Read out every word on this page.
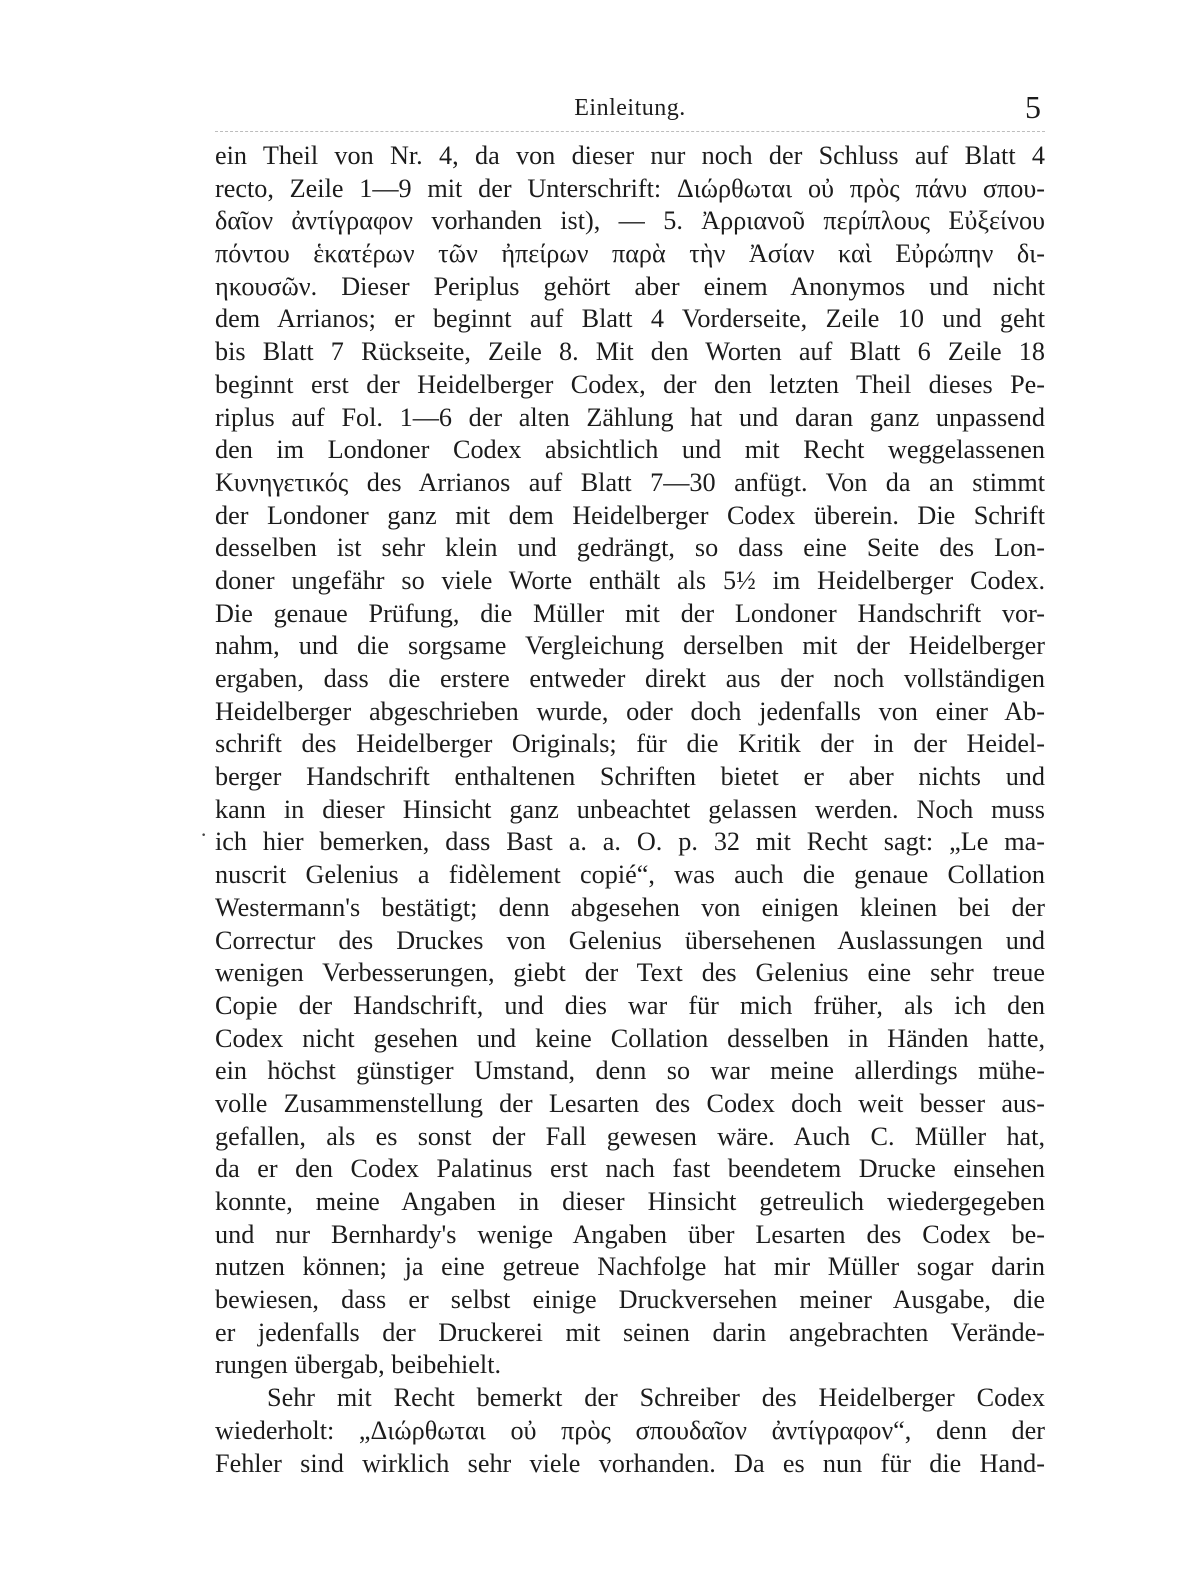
Einleitung.	5
·
ein Theil von Nr. 4, da von dieser nur noch der Schluss auf Blatt 4
recto, Zeile 1—9 mit der Unterschrift: Διώρθωται οὐ πρὸς πάνυ σπου-
δαῖον ἀντίγραφον vorhanden ist), — 5. Ἀρριανοῦ περίπλους Εὐξείνου
πόντου ἑκατέρων τῶν ἠπείρων παρὰ τὴν Ἀσίαν καὶ Εὐρώπην δι-
ηκουσῶν. Dieser Periplus gehört aber einem Anonymos und nicht
dem Arrianos; er beginnt auf Blatt 4 Vorderseite, Zeile 10 und geht
bis Blatt 7 Rückseite, Zeile 8. Mit den Worten auf Blatt 6 Zeile 18
beginnt erst der Heidelberger Codex, der den letzten Theil dieses Pe-
riplus auf Fol. 1—6 der alten Zählung hat und daran ganz unpassend
den im Londoner Codex absichtlich und mit Recht weggelassenen
Κυνηγετικός des Arrianos auf Blatt 7—30 anfügt. Von da an stimmt
der Londoner ganz mit dem Heidelberger Codex überein. Die Schrift
desselben ist sehr klein und gedrängt, so dass eine Seite des Lon-
doner ungefähr so viele Worte enthält als 5½ im Heidelberger Codex.
Die genaue Prüfung, die Müller mit der Londoner Handschrift vor-
nahm, und die sorgsame Vergleichung derselben mit der Heidelberger
ergaben, dass die erstere entweder direkt aus der noch vollständigen
Heidelberger abgeschrieben wurde, oder doch jedenfalls von einer Ab-
schrift des Heidelberger Originals; für die Kritik der in der Heidel-
berger Handschrift enthaltenen Schriften bietet er aber nichts und
kann in dieser Hinsicht ganz unbeachtet gelassen werden. Noch muss
ich hier bemerken, dass Bast a. a. O. p. 32 mit Recht sagt: „Le ma-
nuscrit Gelenius a fidèlement copié“, was auch die genaue Collation
Westermann's bestätigt; denn abgesehen von einigen kleinen bei der
Correctur des Druckes von Gelenius übersehenen Auslassungen und
wenigen Verbesserungen, giebt der Text des Gelenius eine sehr treue
Copie der Handschrift, und dies war für mich früher, als ich den
Codex nicht gesehen und keine Collation desselben in Händen hatte,
ein höchst günstiger Umstand, denn so war meine allerdings mühe-
volle Zusammenstellung der Lesarten des Codex doch weit besser aus-
gefallen, als es sonst der Fall gewesen wäre. Auch C. Müller hat,
da er den Codex Palatinus erst nach fast beendetem Drucke einsehen
konnte, meine Angaben in dieser Hinsicht getreulich wiedergegeben
und nur Bernhardy's wenige Angaben über Lesarten des Codex be-
nutzen können; ja eine getreue Nachfolge hat mir Müller sogar darin
bewiesen, dass er selbst einige Druckversehen meiner Ausgabe, die
er jedenfalls der Druckerei mit seinen darin angebrachten Verände-
rungen übergab, beibehielt.
Sehr mit Recht bemerkt der Schreiber des Heidelberger Codex
wiederholt: „Διώρθωται οὐ πρὸς σπουδαῖον ἀντίγραφον“, denn der
Fehler sind wirklich sehr viele vorhanden. Da es nun für die Hand-
